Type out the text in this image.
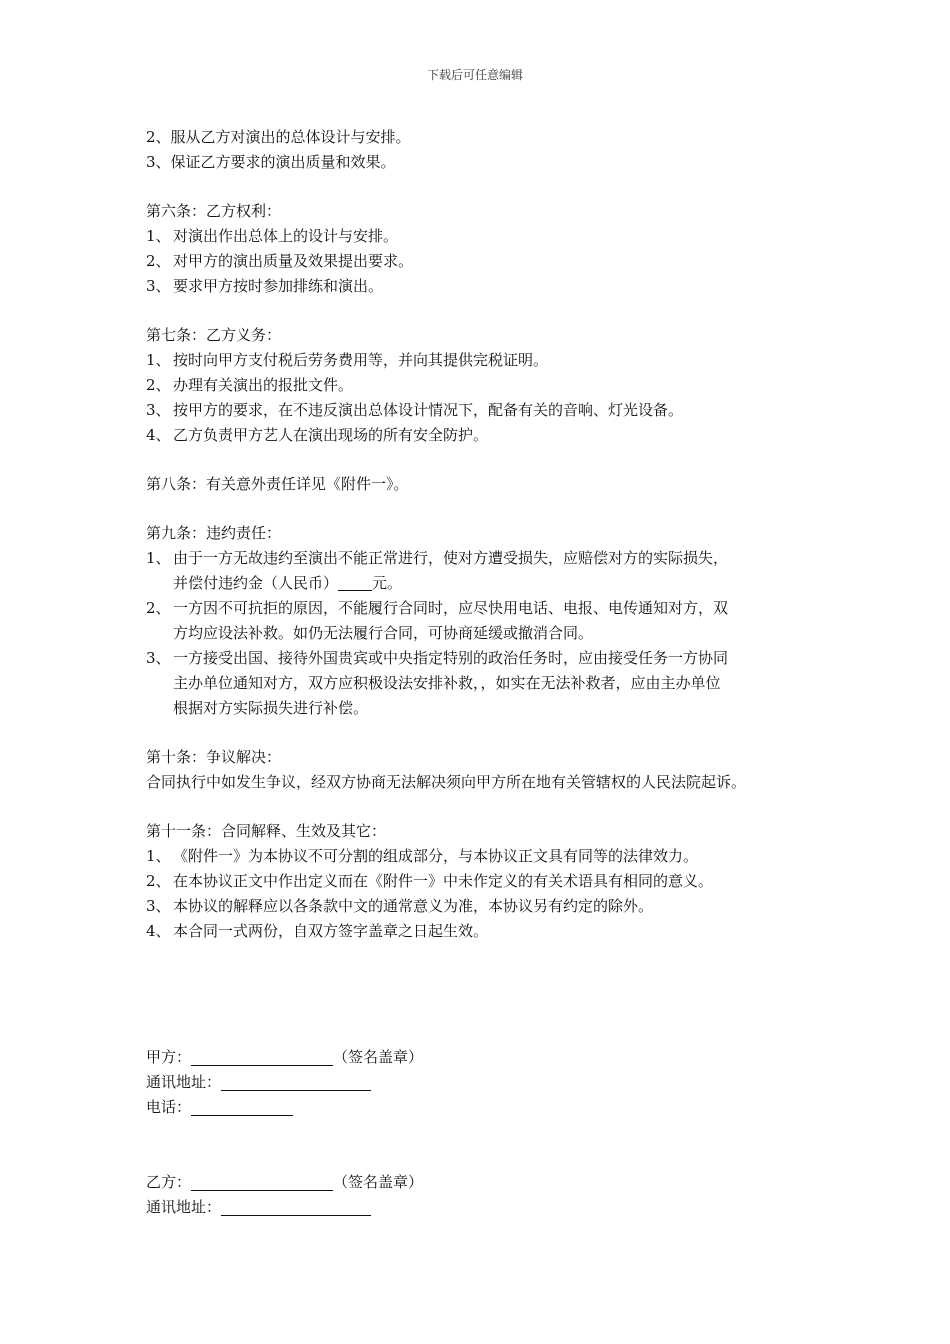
下载后可任意编辑
2、服从乙方对演出的总体设计与安排。
3、保证乙方要求的演出质量和效果。
第六条：乙方权利：
1、 对演出作出总体上的设计与安排。
2、 对甲方的演出质量及效果提出要求。
3、 要求甲方按时参加排练和演出。
第七条：乙方义务：
1、 按时向甲方支付税后劳务费用等，并向其提供完税证明。
2、 办理有关演出的报批文件。
3、 按甲方的要求，在不违反演出总体设计情况下，配备有关的音响、灯光设备。
4、 乙方负责甲方艺人在演出现场的所有安全防护。
第八条：有关意外责任详见《附件一》。
第九条：违约责任：
1、 由于一方无故违约至演出不能正常进行，使对方遭受损失，应赔偿对方的实际损失，
并偿付违约金（人民币） 元。
2、 一方因不可抗拒的原因，不能履行合同时，应尽快用电话、电报、电传通知对方，双
方均应设法补救。如仍无法履行合同，可协商延缓或撤消合同。
3、 一方接受出国、接待外国贵宾或中央指定特别的政治任务时，应由接受任务一方协同
主办单位通知对方，双方应积极设法安排补救，，如实在无法补救者，应由主办单位
根据对方实际损失进行补偿。
第十条：争议解决：
合同执行中如发生争议，经双方协商无法解决须向甲方所在地有关管辖权的人民法院起诉。
第十一条：合同解释、生效及其它：
1、 《附件一》为本协议不可分割的组成部分，与本协议正文具有同等的法律效力。
2、 在本协议正文中作出定义而在《附件一》中未作定义的有关术语具有相同的意义。
3、 本协议的解释应以各条款中文的通常意义为准，本协议另有约定的除外。
4、 本合同一式两份，自双方签字盖章之日起生效。
甲方：	（签名盖章）
通讯地址：
电话：
乙方：	（签名盖章）
通讯地址：
